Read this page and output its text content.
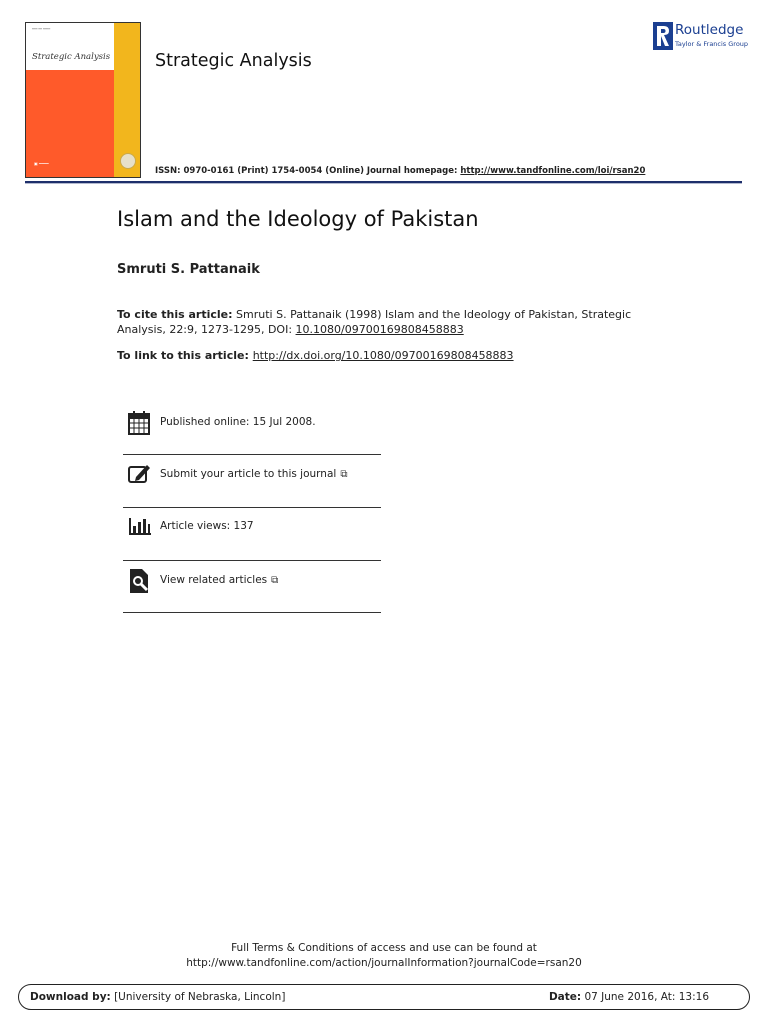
━━━ ━━ ━━━━
Strategic Analysis
▣ ━━━━
Strategic Analysis
ISSN: 0970-0161 (Print) 1754-0054 (Online) Journal homepage: http://www.tandfonline.com/loi/rsan20
Routledge
Taylor & Francis Group
Islam and the Ideology of Pakistan
Smruti S. Pattanaik
To cite this article: Smruti S. Pattanaik (1998) Islam and the Ideology of Pakistan, Strategic Analysis, 22:9, 1273-1295, DOI: 10.1080/09700169808458883
To link to this article: http://dx.doi.org/10.1080/09700169808458883
Published online: 15 Jul 2008.
Submit your article to this journal ⧉
Article views: 137
View related articles ⧉
Full Terms & Conditions of access and use can be found at
http://www.tandfonline.com/action/journalInformation?journalCode=rsan20
Download by: [University of Nebraska, Lincoln]	Date: 07 June 2016, At: 13:16
